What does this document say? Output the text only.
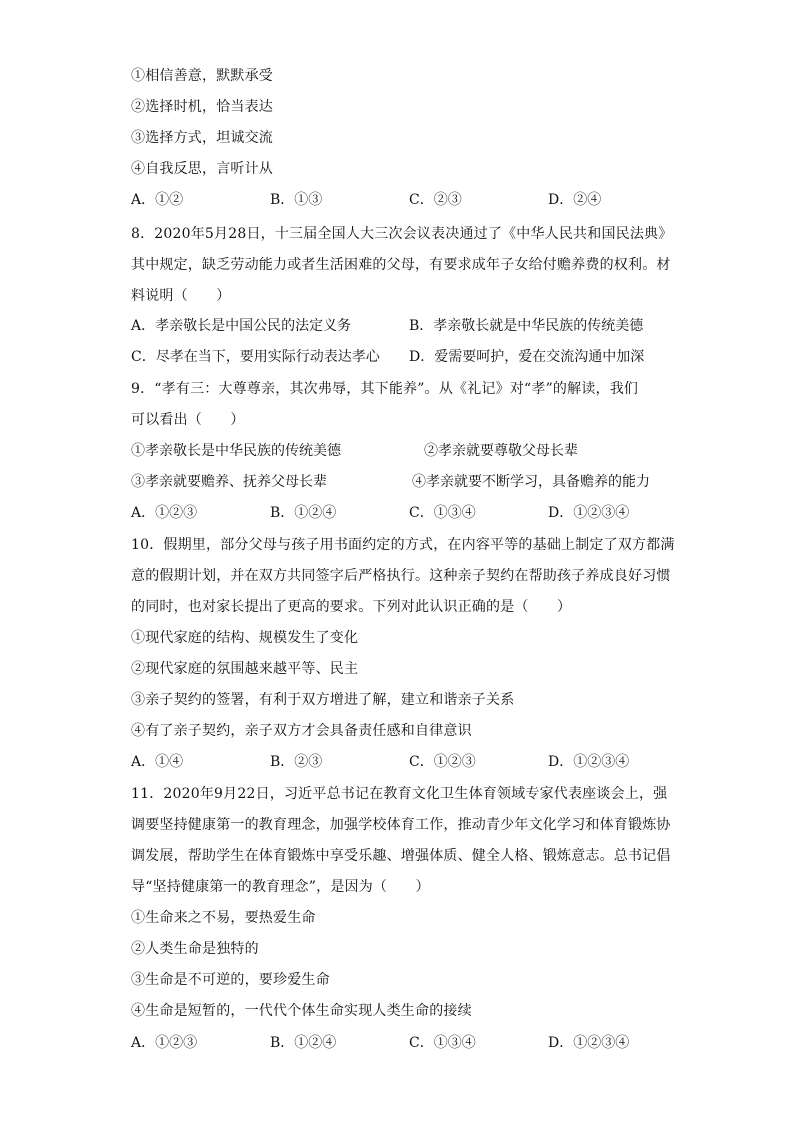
①相信善意，默默承受
②选择时机，恰当表达
③选择方式，坦诚交流
④自我反思，言听计从
A．①②	B．①③	C．②③	D．②④
8．2020年5月28日，十三届全国人大三次会议表决通过了《中华人民共和国民法典》
其中规定，缺乏劳动能力或者生活困难的父母，有要求成年子女给付赡养费的权利。材
料说明（　　）
A．孝亲敬长是中国公民的法定义务	B．孝亲敬长就是中华民族的传统美德
C．尽孝在当下，要用实际行动表达孝心 D．爱需要呵护，爱在交流沟通中加深
9．“孝有三：大尊尊亲，其次弗辱，其下能养”。从《礼记》对“孝”的解读，我们
可以看出（　　）
①孝亲敬长是中华民族的传统美德	②孝亲就要尊敬父母长辈
③孝亲就要赡养、抚养父母长辈	④孝亲就要不断学习，具备赡养的能力
A．①②③	B．①②④	C．①③④	D．①②③④
10．假期里，部分父母与孩子用书面约定的方式，在内容平等的基础上制定了双方都满
意的假期计划，并在双方共同签字后严格执行。这种亲子契约在帮助孩子养成良好习惯
的同时，也对家长提出了更高的要求。下列对此认识正确的是（　　）
①现代家庭的结构、规模发生了变化
②现代家庭的氛围越来越平等、民主
③亲子契约的签署，有利于双方增进了解，建立和谐亲子关系
④有了亲子契约，亲子双方才会具备责任感和自律意识
A．①④	B．②③	C．①②③	D．①②③④
11．2020年9月22日，习近平总书记在教育文化卫生体育领域专家代表座谈会上，强
调要坚持健康第一的教育理念，加强学校体育工作，推动青少年文化学习和体育锻炼协
调发展，帮助学生在体育锻炼中享受乐趣、增强体质、健全人格、锻炼意志。总书记倡
导“坚持健康第一的教育理念”，是因为（　　）
①生命来之不易，要热爱生命
②人类生命是独特的
③生命是不可逆的，要珍爱生命
④生命是短暂的，一代代个体生命实现人类生命的接续
A．①②③	B．①②④	C．①③④	D．①②③④
